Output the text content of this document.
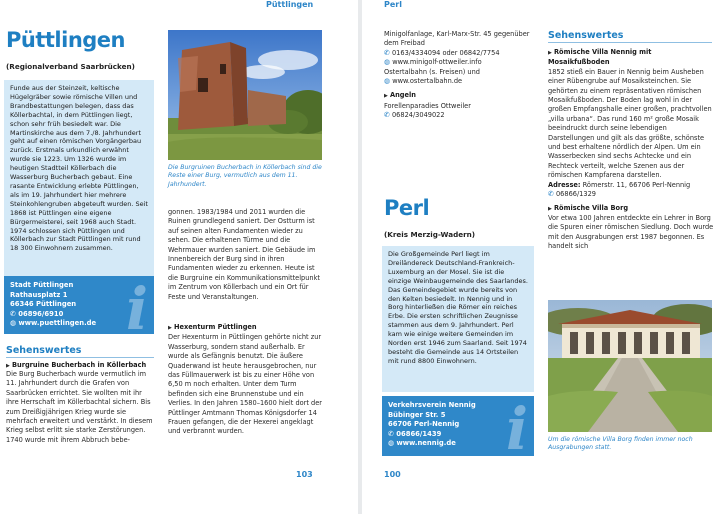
Püttlingen
Püttlingen
(Regionalverband Saarbrücken)

Funde aus der Steinzeit, keltische Hügelgräber sowie römische Villen und Brandbestattungen belegen, dass das Köllerbachtal, in dem Püttlingen liegt, schon sehr früh besiedelt war. Die Martinskirche aus dem 7./8. Jahrhundert geht auf einen römischen Vorgängerbau zurück. Erstmals urkundlich erwähnt wurde sie 1223. Um 1326 wurde im heutigen Stadtteil Köllerbach die Wasserburg Bucherbach gebaut. Eine rasante Entwicklung erlebte Püttlingen, als im 19. Jahrhundert hier mehrere Steinkohlengruben abgeteuft wurden. Seit 1868 ist Püttlingen eine eigene Bürgermeisterei, seit 1968 auch Stadt. 1974 schlossen sich Püttlingen und Köllerbach zur Stadt Püttlingen mit rund 18 300 Einwohnern zusammen.

Stadt Püttlingen
Rathausplatz 1
66346 Püttlingen
✆ 06896/6910
◍ www.puettlingen.de i
Sehenswertes

▶ Burgruine Bucherbach in Köllerbach

Die Burg Bucherbach wurde vermutlich im 11. Jahrhundert durch die Grafen von Saarbrücken errichtet. Sie wollten mit ihr ihre Herrschaft im Köllerbachtal sichern. Bis zum Dreißigjährigen Krieg wurde sie mehrfach erweitert und verstärkt. In diesem Krieg selbst erlitt sie starke Zerstörungen. 1740 wurde mit ihrem Abbruch bebe-

Die Burgruinen Bucherbach in Köllerbach sind die Reste einer Burg, vermutlich aus dem 11. Jahrhundert.

gonnen. 1983/1984 und 2011 wurden die Ruinen grundlegend saniert. Der Ostturm ist auf seinen alten Fundamenten wieder zu sehen. Die erhaltenen Türme und die Wehrmauer wurden saniert. Die Gebäude im Innenbereich der Burg sind in ihren Fundamenten wieder zu erkennen. Heute ist die Burgruine ein Kommunikationsmittelpunkt im Zentrum von Köllerbach und ein Ort für Feste und Veranstaltungen.

▶ Hexenturm Püttlingen

Der Hexenturm in Püttlingen gehörte nicht zur Wasserburg, sondern stand außerhalb. Er wurde als Gefängnis benutzt. Die äußere Quaderwand ist heute herausgebrochen, nur das Füllmauerwerk ist bis zu einer Höhe von 6,50 m noch erhalten. Unter dem Turm befinden sich eine Brunnenstube und ein Verlies. In den Jahren 1580–1600 hielt dort der Püttlinger Amtmann Thomas Königsdorfer 14 Frauen gefangen, die der Hexerei angeklagt und verbrannt wurden.

103
Perl

Minigolfanlage, Karl-Marx-Str. 45 gegenüber dem Freibad

✆ 0163/4334094 oder 06842/7754

◍ www.minigolf-ottweiler.info

Ostertalbahn (s. Freisen) und

◍ www.ostertalbahn.de

▶ Angeln

Forellenparadies Ottweiler

✆ 06824/3049022

Perl
(Kreis Merzig-Wadern)

Die Großgemeinde Perl liegt im Dreiländereck Deutschland-Frankreich-Luxemburg an der Mosel. Sie ist die einzige Weinbaugemeinde des Saarlandes. Das Gemeindegebiet wurde bereits von den Kelten besiedelt. In Nennig und in Borg hinterließen die Römer ein reiches Erbe. Die ersten schriftlichen Zeugnisse stammen aus dem 9. Jahrhundert. Perl kam wie einige weitere Gemeinden im Norden erst 1946 zum Saarland. Seit 1974 besteht die Gemeinde aus 14 Ortsteilen mit rund 8800 Einwohnern.

Verkehrsverein Nennig
Bübinger Str. 5
66706 Perl-Nennig
✆ 06866/1439
◍ www.nennig.de i
100
Sehenswertes

▶ Römische Villa Nennig mit Mosaikfußboden

1852 stieß ein Bauer in Nennig beim Ausheben einer Rübengrube auf Mosaiksteinchen. Sie gehörten zu einem repräsentativen römischen Mosaikfußboden. Der Boden lag wohl in der großen Empfangshalle einer großen, prachtvollen „villa urbana“. Das rund 160 m² große Mosaik beeindruckt durch seine lebendigen Darstellungen und gilt als das größte, schönste und best erhaltene nördlich der Alpen. Um ein Wasserbecken sind sechs Achtecke und ein Rechteck verteilt, welche Szenen aus der römischen Kampfarena darstellen.

Adresse: Römerstr. 11, 66706 Perl-Nennig

✆ 06866/1329

▶ Römische Villa Borg

Vor etwa 100 Jahren entdeckte ein Lehrer in Borg die Spuren einer römischen Siedlung. Doch wurde mit den Ausgrabungen erst 1987 begonnen. Es handelt sich

Um die römische Villa Borg finden immer noch Ausgrabungen statt.
